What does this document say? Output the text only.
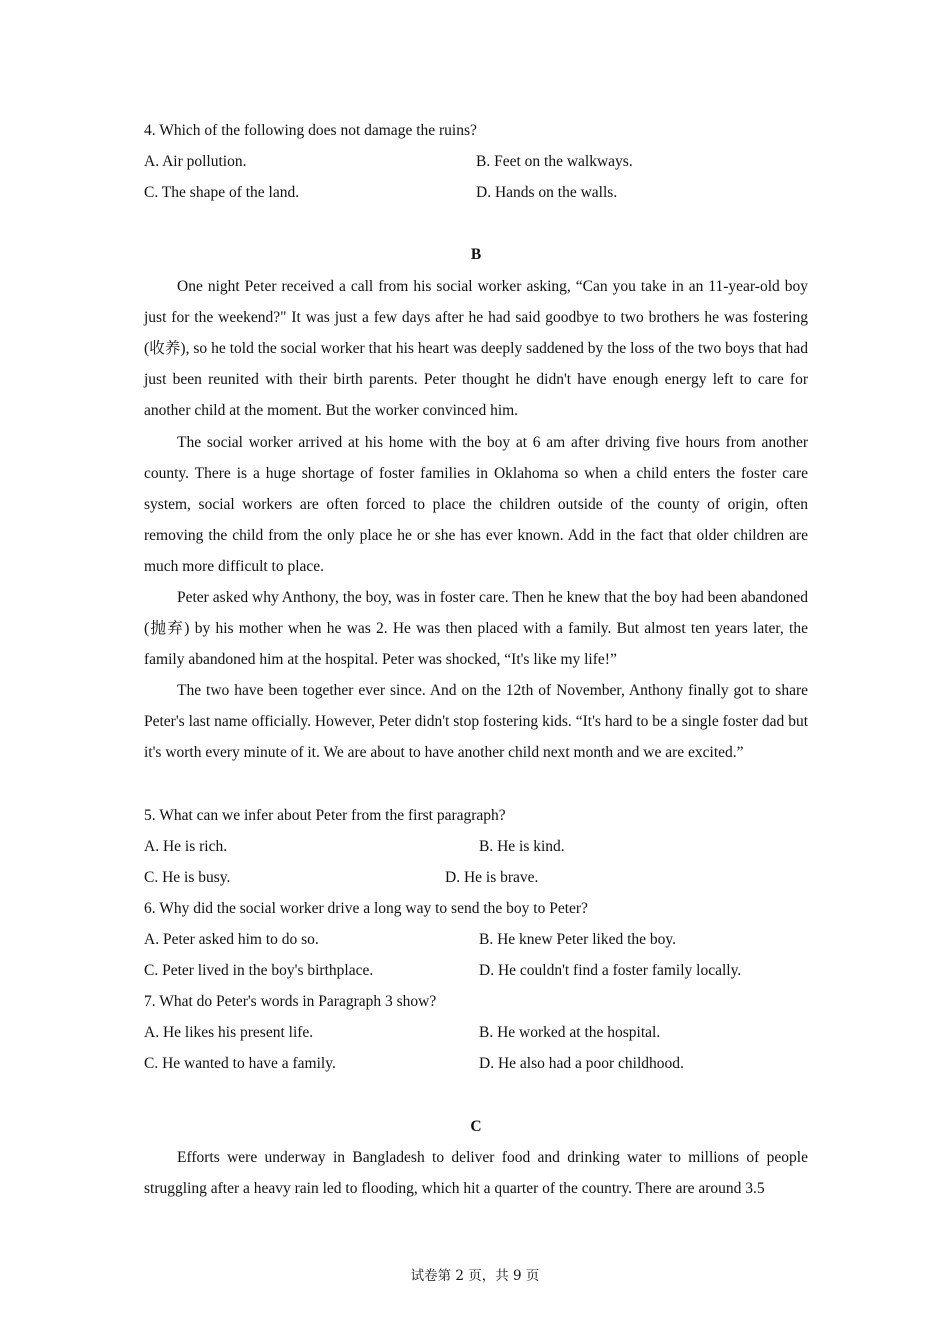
4. Which of the following does not damage the ruins?
A. Air pollution.	B. Feet on the walkways.
C. The shape of the land.	D. Hands on the walls.
B

One night Peter received a call from his social worker asking, “Can you take in an 11-year-old boy just for the weekend?" It was just a few days after he had said goodbye to two brothers he was fostering (收养), so he told the social worker that his heart was deeply saddened by the loss of the two boys that had just been reunited with their birth parents. Peter thought he didn't have enough energy left to care for another child at the moment. But the worker convinced him.

The social worker arrived at his home with the boy at 6 am after driving five hours from another county. There is a huge shortage of foster families in Oklahoma so when a child enters the foster care system, social workers are often forced to place the children outside of the county of origin, often removing the child from the only place he or she has ever known. Add in the fact that older children are much more difficult to place.

Peter asked why Anthony, the boy, was in foster care. Then he knew that the boy had been abandoned (抛弃) by his mother when he was 2. He was then placed with a family. But almost ten years later, the family abandoned him at the hospital. Peter was shocked, “It's like my life!”

The two have been together ever since. And on the 12th of November, Anthony finally got to share Peter's last name officially. However, Peter didn't stop fostering kids. “It's hard to be a single foster dad but it's worth every minute of it. We are about to have another child next month and we are excited.”

5. What can we infer about Peter from the first paragraph?
A. He is rich.	B. He is kind.
C. He is busy.	D. He is brave.
6. Why did the social worker drive a long way to send the boy to Peter?
A. Peter asked him to do so.	B. He knew Peter liked the boy.
C. Peter lived in the boy's birthplace.	D. He couldn't find a foster family locally.
7. What do Peter's words in Paragraph 3 show?
A. He likes his present life.	B. He worked at the hospital.
C. He wanted to have a family.	D. He also had a poor childhood.
C

Efforts were underway in Bangladesh to deliver food and drinking water to millions of people struggling after a heavy rain led to flooding, which hit a quarter of the country. There are around 3.5

试卷第 2 页，共 9 页
